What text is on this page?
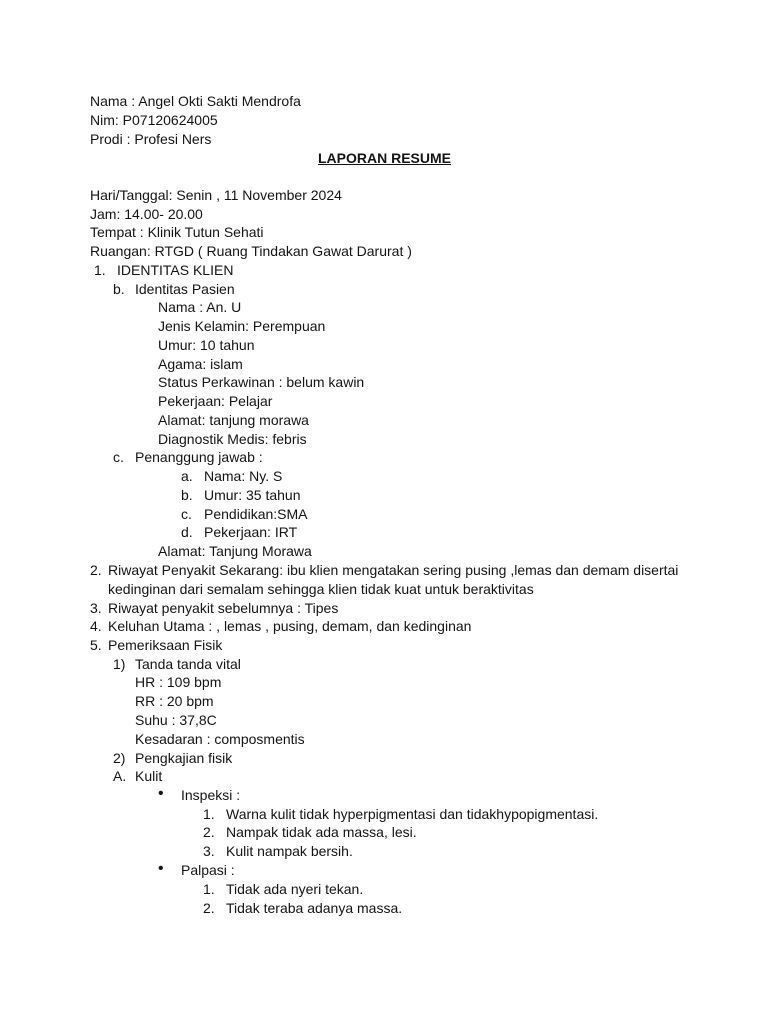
Nama : Angel Okti Sakti Mendrofa
Nim: P07120624005
Prodi : Profesi Ners
LAPORAN RESUME
Hari/Tanggal: Senin , 11 November 2024
Jam: 14.00- 20.00
Tempat : Klinik Tutun Sehati
Ruangan: RTGD ( Ruang Tindakan Gawat Darurat )
1. IDENTITAS KLIEN
b. Identitas Pasien
Nama : An. U
Jenis Kelamin: Perempuan
Umur: 10 tahun
Agama: islam
Status Perkawinan : belum kawin
Pekerjaan: Pelajar
Alamat: tanjung morawa
Diagnostik Medis: febris
c. Penanggung jawab :
a. Nama: Ny. S
b. Umur: 35 tahun
c. Pendidikan:SMA
d. Pekerjaan: IRT
Alamat: Tanjung Morawa
2. Riwayat Penyakit Sekarang: ibu klien mengatakan sering pusing ,lemas dan demam disertai
kedinginan dari semalam sehingga klien tidak kuat untuk beraktivitas
3. Riwayat penyakit sebelumnya : Tipes
4. Keluhan Utama : , lemas , pusing, demam, dan kedinginan
5. Pemeriksaan Fisik
1) Tanda tanda vital
HR : 109 bpm
RR : 20 bpm
Suhu : 37,8C
Kesadaran : composmentis
2) Pengkajian fisik
A. Kulit
• Inspeksi :
1. Warna kulit tidak hyperpigmentasi dan tidakhypopigmentasi.
2. Nampak tidak ada massa, lesi.
3. Kulit nampak bersih.
• Palpasi :
1. Tidak ada nyeri tekan.
2. Tidak teraba adanya massa.
